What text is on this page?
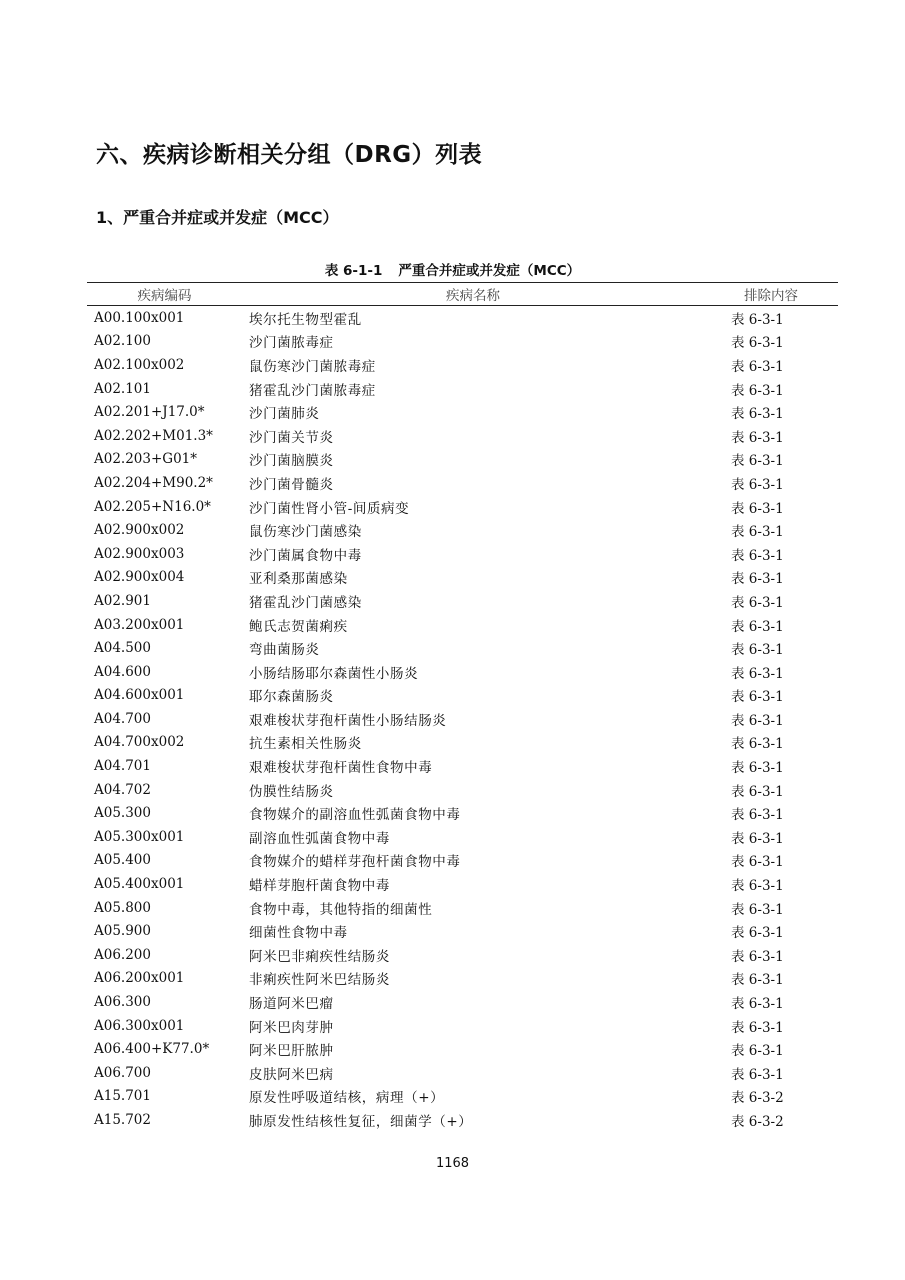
六、疾病诊断相关分组（DRG）列表
1、严重合并症或并发症（MCC）
表 6-1-1 严重合并症或并发症（MCC）
疾病编码	疾病名称	排除内容
A00.100x001	埃尔托生物型霍乱	表 6-3-1
A02.100	沙门菌脓毒症	表 6-3-1
A02.100x002	鼠伤寒沙门菌脓毒症	表 6-3-1
A02.101	猪霍乱沙门菌脓毒症	表 6-3-1
A02.201+J17.0*	沙门菌肺炎	表 6-3-1
A02.202+M01.3*	沙门菌关节炎	表 6-3-1
A02.203+G01*	沙门菌脑膜炎	表 6-3-1
A02.204+M90.2*	沙门菌骨髓炎	表 6-3-1
A02.205+N16.0*	沙门菌性肾小管-间质病变	表 6-3-1
A02.900x002	鼠伤寒沙门菌感染	表 6-3-1
A02.900x003	沙门菌属食物中毒	表 6-3-1
A02.900x004	亚利桑那菌感染	表 6-3-1
A02.901	猪霍乱沙门菌感染	表 6-3-1
A03.200x001	鲍氏志贺菌痢疾	表 6-3-1
A04.500	弯曲菌肠炎	表 6-3-1
A04.600	小肠结肠耶尔森菌性小肠炎	表 6-3-1
A04.600x001	耶尔森菌肠炎	表 6-3-1
A04.700	艰难梭状芽孢杆菌性小肠结肠炎	表 6-3-1
A04.700x002	抗生素相关性肠炎	表 6-3-1
A04.701	艰难梭状芽孢杆菌性食物中毒	表 6-3-1
A04.702	伪膜性结肠炎	表 6-3-1
A05.300	食物媒介的副溶血性弧菌食物中毒	表 6-3-1
A05.300x001	副溶血性弧菌食物中毒	表 6-3-1
A05.400	食物媒介的蜡样芽孢杆菌食物中毒	表 6-3-1
A05.400x001	蜡样芽胞杆菌食物中毒	表 6-3-1
A05.800	食物中毒，其他特指的细菌性	表 6-3-1
A05.900	细菌性食物中毒	表 6-3-1
A06.200	阿米巴非痢疾性结肠炎	表 6-3-1
A06.200x001	非痢疾性阿米巴结肠炎	表 6-3-1
A06.300	肠道阿米巴瘤	表 6-3-1
A06.300x001	阿米巴肉芽肿	表 6-3-1
A06.400+K77.0*	阿米巴肝脓肿	表 6-3-1
A06.700	皮肤阿米巴病	表 6-3-1
A15.701	原发性呼吸道结核，病理（+）	表 6-3-2
A15.702	肺原发性结核性复征，细菌学（+）	表 6-3-2
1168
